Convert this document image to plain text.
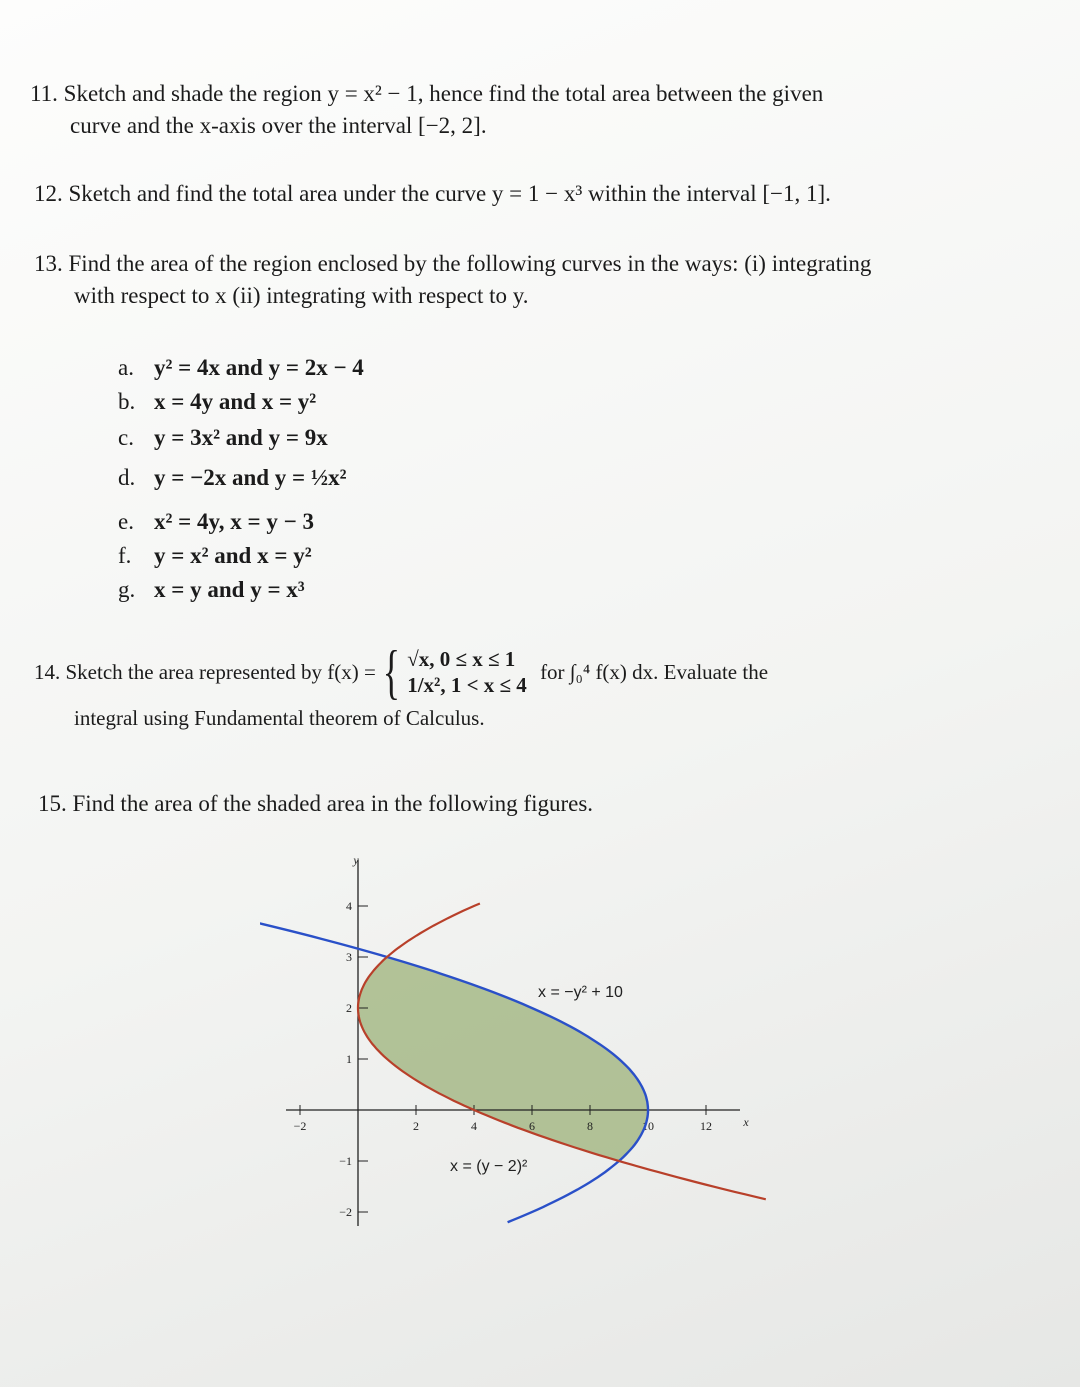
11. Sketch and shade the region y = x² − 1, hence find the total area between the given
curve and the x-axis over the interval [−2, 2].
12. Sketch and find the total area under the curve y = 1 − x³ within the interval [−1, 1].
13. Find the area of the region enclosed by the following curves in the ways: (i) integrating
with respect to x (ii) integrating with respect to y.
a. y² = 4x and y = 2x − 4
b. x = 4y and x = y²
c. y = 3x² and y = 9x
d. y = −2x and y = ½x²
e. x² = 4y, x = y − 3
f. y = x² and x = y²
g. x = y and y = x³
14. Sketch the area represented by f(x) = { √x, 0 ≤ x ≤ 1
1/x², 1 < x ≤ 4
for ∫₀⁴ f(x) dx. Evaluate the
integral using Fundamental theorem of Calculus.
15. Find the area of the shaded area in the following figures.
−2	2	4	6	8	10	12
4
3
2
1
−1
−2
y
x
x = −y² + 10
x = (y − 2)²
